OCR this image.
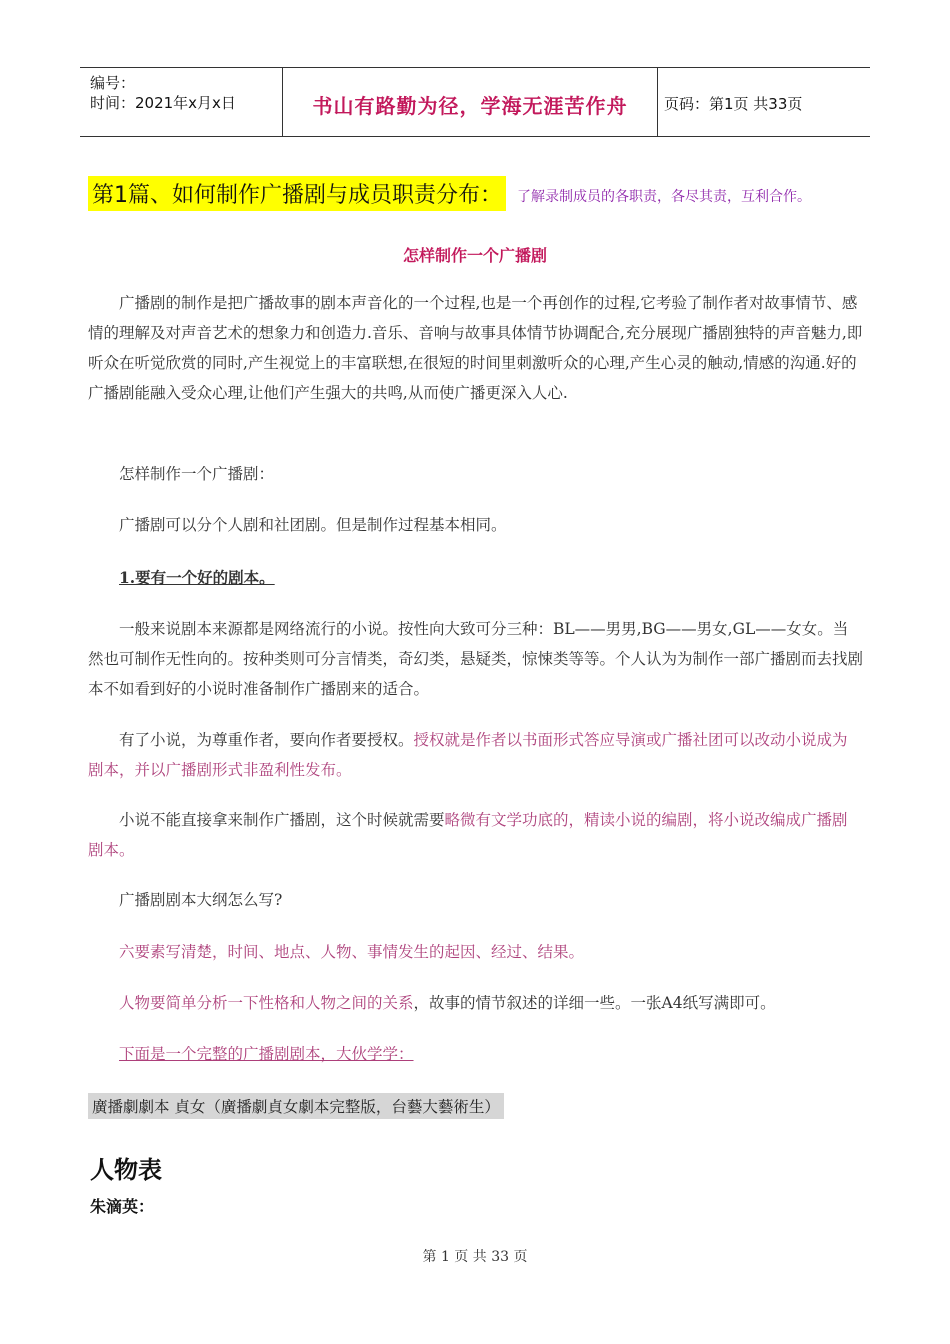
编号：
时间：2021年x月x日	书山有路勤为径，学海无涯苦作舟	页码：第1页 共33页
第1篇、如何制作广播剧与成员职责分布： 了解录制成员的各职责，各尽其责，互利合作。
怎样制作一个广播剧
广播剧的制作是把广播故事的剧本声音化的一个过程,也是一个再创作的过程,它考验了制作者对故事情节、感情的理解及对声音艺术的想象力和创造力.音乐、音响与故事具体情节协调配合,充分展现广播剧独特的声音魅力,即听众在听觉欣赏的同时,产生视觉上的丰富联想,在很短的时间里刺激听众的心理,产生心灵的触动,情感的沟通.好的广播剧能融入受众心理,让他们产生强大的共鸣,从而使广播更深入人心.
怎样制作一个广播剧：
广播剧可以分个人剧和社团剧。但是制作过程基本相同。
1.要有一个好的剧本。
一般来说剧本来源都是网络流行的小说。按性向大致可分三种：BL——男男,BG——男女,GL——女女。当然也可制作无性向的。按种类则可分言情类，奇幻类，悬疑类，惊悚类等等。个人认为为制作一部广播剧而去找剧本不如看到好的小说时准备制作广播剧来的适合。
有了小说，为尊重作者，要向作者要授权。授权就是作者以书面形式答应导演或广播社团可以改动小说成为剧本，并以广播剧形式非盈利性发布。
小说不能直接拿来制作广播剧，这个时候就需要略微有文学功底的，精读小说的编剧，将小说改编成广播剧剧本。
广播剧剧本大纲怎么写?
六要素写清楚，时间、地点、人物、事情发生的起因、经过、结果。
人物要简单分析一下性格和人物之间的关系，故事的情节叙述的详细一些。一张A4纸写满即可。
下面是一个完整的广播剧剧本，大伙学学：
廣播劇劇本 貞女（廣播劇貞女劇本完整版，台藝大藝術生）
人物表
朱滴英：
第 1 页 共 33 页
